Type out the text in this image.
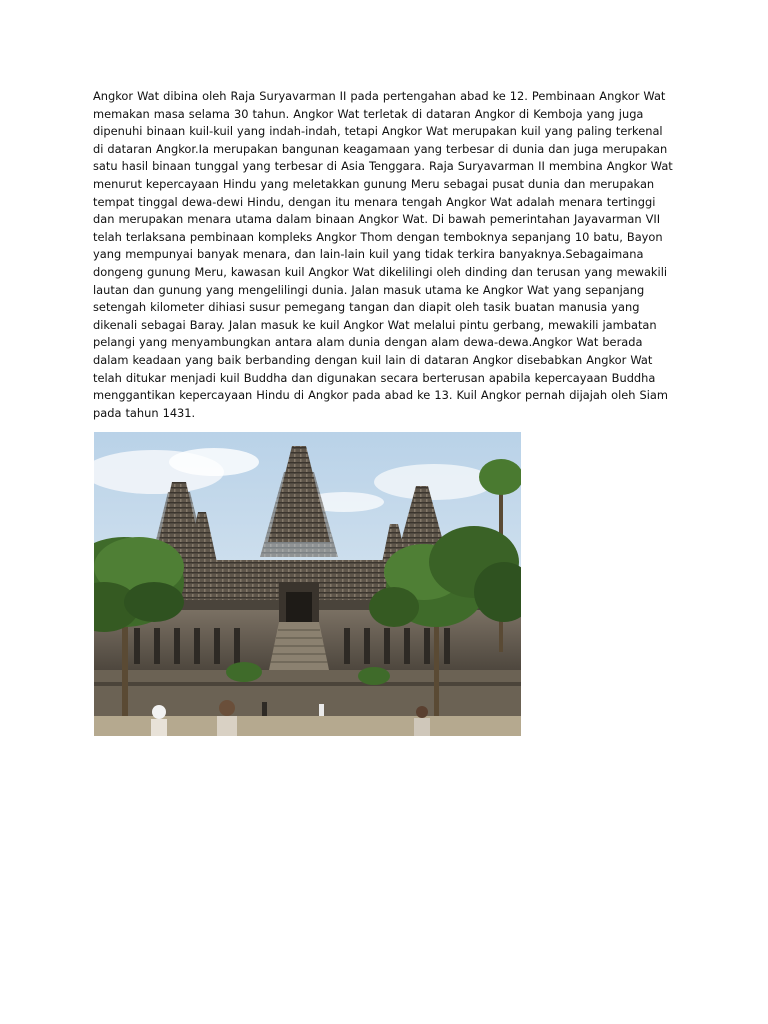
Angkor Wat dibina oleh Raja Suryavarman II pada pertengahan abad ke 12. Pembinaan Angkor Wat memakan masa selama 30 tahun. Angkor Wat terletak di dataran Angkor di Kemboja yang juga dipenuhi binaan kuil-kuil yang indah-indah, tetapi Angkor Wat merupakan kuil yang paling terkenal di dataran Angkor.Ia merupakan bangunan keagamaan yang terbesar di dunia dan juga merupakan satu hasil binaan tunggal yang terbesar di Asia Tenggara. Raja Suryavarman II membina Angkor Wat menurut kepercayaan Hindu yang meletakkan gunung Meru sebagai pusat dunia dan merupakan tempat tinggal dewa-dewi Hindu, dengan itu menara tengah Angkor Wat adalah menara tertinggi dan merupakan menara utama dalam binaan Angkor Wat. Di bawah pemerintahan Jayavarman VII telah terlaksana pembinaan kompleks Angkor Thom dengan temboknya sepanjang 10 batu, Bayon yang mempunyai banyak menara, dan lain-lain kuil yang tidak terkira banyaknya.Sebagaimana dongeng gunung Meru, kawasan kuil Angkor Wat dikelilingi oleh dinding dan terusan yang mewakili lautan dan gunung yang mengelilingi dunia. Jalan masuk utama ke Angkor Wat yang sepanjang setengah kilometer dihiasi susur pemegang tangan dan diapit oleh tasik buatan manusia yang dikenali sebagai Baray. Jalan masuk ke kuil Angkor Wat melalui pintu gerbang, mewakili jambatan pelangi yang menyambungkan antara alam dunia dengan alam dewa-dewa.Angkor Wat berada dalam keadaan yang baik berbanding dengan kuil lain di dataran Angkor disebabkan Angkor Wat telah ditukar menjadi kuil Buddha dan digunakan secara berterusan apabila kepercayaan Buddha menggantikan kepercayaan Hindu di Angkor pada abad ke 13. Kuil Angkor pernah dijajah oleh Siam pada tahun 1431.
